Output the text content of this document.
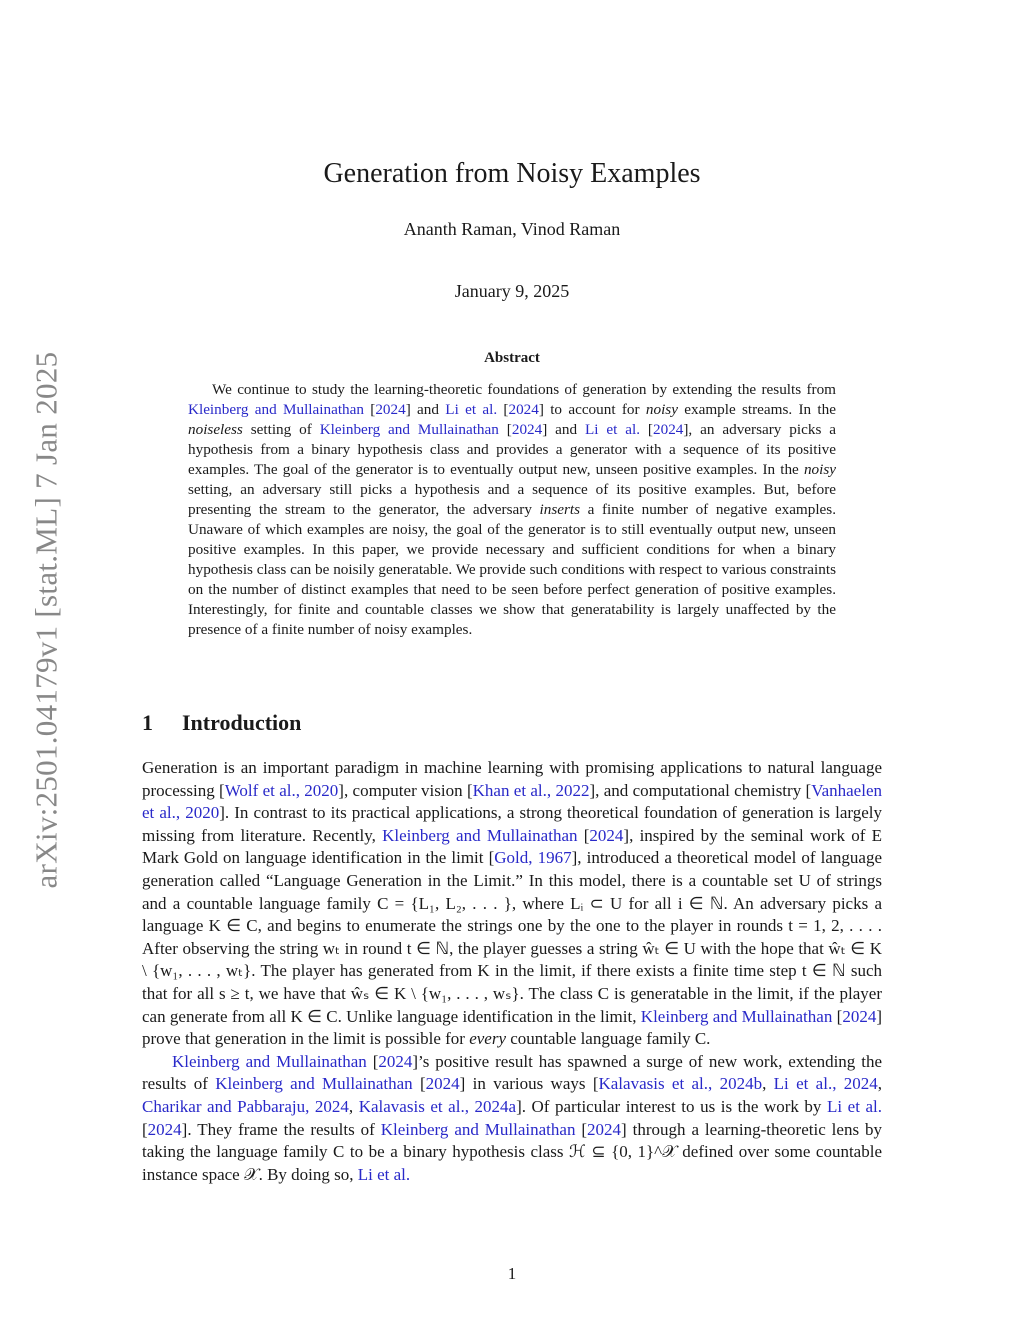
arXiv:2501.04179v1 [stat.ML] 7 Jan 2025
Generation from Noisy Examples
Ananth Raman, Vinod Raman
January 9, 2025
Abstract

We continue to study the learning-theoretic foundations of generation by extending the results from Kleinberg and Mullainathan [2024] and Li et al. [2024] to account for noisy example streams. In the noiseless setting of Kleinberg and Mullainathan [2024] and Li et al. [2024], an adversary picks a hypothesis from a binary hypothesis class and provides a generator with a sequence of its positive examples. The goal of the generator is to eventually output new, unseen positive examples. In the noisy setting, an adversary still picks a hypothesis and a sequence of its positive examples. But, before presenting the stream to the generator, the adversary inserts a finite number of negative examples. Unaware of which examples are noisy, the goal of the generator is to still eventually output new, unseen positive examples. In this paper, we provide necessary and sufficient conditions for when a binary hypothesis class can be noisily generatable. We provide such conditions with respect to various constraints on the number of distinct examples that need to be seen before perfect generation of positive examples. Interestingly, for finite and countable classes we show that generatability is largely unaffected by the presence of a finite number of noisy examples.

1 Introduction

Generation is an important paradigm in machine learning with promising applications to natural language processing [Wolf et al., 2020], computer vision [Khan et al., 2022], and computational chemistry [Vanhaelen et al., 2020]. In contrast to its practical applications, a strong theoretical foundation of generation is largely missing from literature. Recently, Kleinberg and Mullainathan [2024], inspired by the seminal work of E Mark Gold on language identification in the limit [Gold, 1967], introduced a theoretical model of language generation called “Language Generation in the Limit.” In this model, there is a countable set U of strings and a countable language family C = {L₁, L₂, . . . }, where Lᵢ ⊂ U for all i ∈ ℕ. An adversary picks a language K ∈ C, and begins to enumerate the strings one by the one to the player in rounds t = 1, 2, . . . . After observing the string wₜ in round t ∈ ℕ, the player guesses a string ŵₜ ∈ U with the hope that ŵₜ ∈ K \ {w₁, . . . , wₜ}. The player has generated from K in the limit, if there exists a finite time step t ∈ ℕ such that for all s ≥ t, we have that ŵₛ ∈ K \ {w₁, . . . , wₛ}. The class C is generatable in the limit, if the player can generate from all K ∈ C. Unlike language identification in the limit, Kleinberg and Mullainathan [2024] prove that generation in the limit is possible for every countable language family C.

Kleinberg and Mullainathan [2024]’s positive result has spawned a surge of new work, extending the results of Kleinberg and Mullainathan [2024] in various ways [Kalavasis et al., 2024b, Li et al., 2024, Charikar and Pabbaraju, 2024, Kalavasis et al., 2024a]. Of particular interest to us is the work by Li et al. [2024]. They frame the results of Kleinberg and Mullainathan [2024] through a learning-theoretic lens by taking the language family C to be a binary hypothesis class ℋ ⊆ {0, 1}^𝒳 defined over some countable instance space 𝒳. By doing so, Li et al.

1
